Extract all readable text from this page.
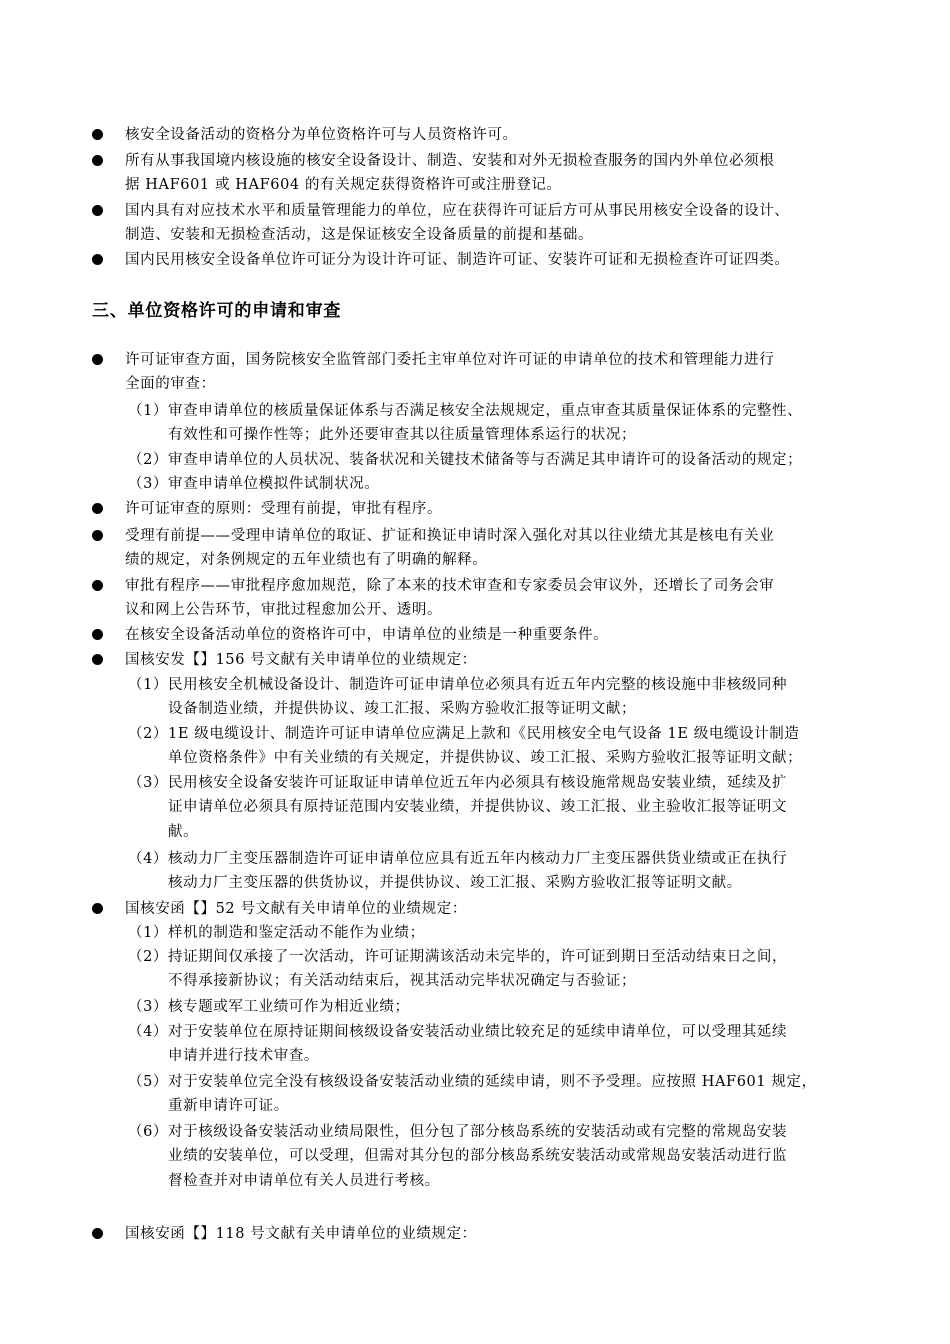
核安全设备活动的资格分为单位资格许可与人员资格许可。
所有从事我国境内核设施的核安全设备设计、制造、安装和对外无损检查服务的国内外单位必须根
据 HAF601 或 HAF604 的有关规定获得资格许可或注册登记。
国内具有对应技术水平和质量管理能力的单位，应在获得许可证后方可从事民用核安全设备的设计、
制造、安装和无损检查活动，这是保证核安全设备质量的前提和基础。
国内民用核安全设备单位许可证分为设计许可证、制造许可证、安装许可证和无损检查许可证四类。
三、单位资格许可的申请和审查
许可证审查方面，国务院核安全监管部门委托主审单位对许可证的申请单位的技术和管理能力进行
全面的审查：
（1）审查申请单位的核质量保证体系与否满足核安全法规规定，重点审查其质量保证体系的完整性、
有效性和可操作性等；此外还要审查其以往质量管理体系运行的状况；
（2）审查申请单位的人员状况、装备状况和关键技术储备等与否满足其申请许可的设备活动的规定；
（3）审查申请单位模拟件试制状况。
许可证审查的原则：受理有前提，审批有程序。
受理有前提——受理申请单位的取证、扩证和换证申请时深入强化对其以往业绩尤其是核电有关业
绩的规定，对条例规定的五年业绩也有了明确的解释。
审批有程序——审批程序愈加规范，除了本来的技术审查和专家委员会审议外，还增长了司务会审
议和网上公告环节，审批过程愈加公开、透明。
在核安全设备活动单位的资格许可中，申请单位的业绩是一种重要条件。
国核安发【】156 号文献有关申请单位的业绩规定：
（1）民用核安全机械设备设计、制造许可证申请单位必须具有近五年内完整的核设施中非核级同种
设备制造业绩，并提供协议、竣工汇报、采购方验收汇报等证明文献；
（2）1E 级电缆设计、制造许可证申请单位应满足上款和《民用核安全电气设备 1E 级电缆设计制造
单位资格条件》中有关业绩的有关规定，并提供协议、竣工汇报、采购方验收汇报等证明文献；
（3）民用核安全设备安装许可证取证申请单位近五年内必须具有核设施常规岛安装业绩，延续及扩
证申请单位必须具有原持证范围内安装业绩，并提供协议、竣工汇报、业主验收汇报等证明文
献。
（4）核动力厂主变压器制造许可证申请单位应具有近五年内核动力厂主变压器供货业绩或正在执行
核动力厂主变压器的供货协议，并提供协议、竣工汇报、采购方验收汇报等证明文献。
国核安函【】52 号文献有关申请单位的业绩规定：
（1）样机的制造和鉴定活动不能作为业绩；
（2）持证期间仅承接了一次活动，许可证期满该活动未完毕的，许可证到期日至活动结束日之间，
不得承接新协议；有关活动结束后，视其活动完毕状况确定与否验证；
（3）核专题或军工业绩可作为相近业绩；
（4）对于安装单位在原持证期间核级设备安装活动业绩比较充足的延续申请单位，可以受理其延续
申请并进行技术审查。
（5）对于安装单位完全没有核级设备安装活动业绩的延续申请，则不予受理。应按照 HAF601 规定，
重新申请许可证。
（6）对于核级设备安装活动业绩局限性，但分包了部分核岛系统的安装活动或有完整的常规岛安装
业绩的安装单位，可以受理，但需对其分包的部分核岛系统安装活动或常规岛安装活动进行监
督检查并对申请单位有关人员进行考核。
国核安函【】118 号文献有关申请单位的业绩规定：
